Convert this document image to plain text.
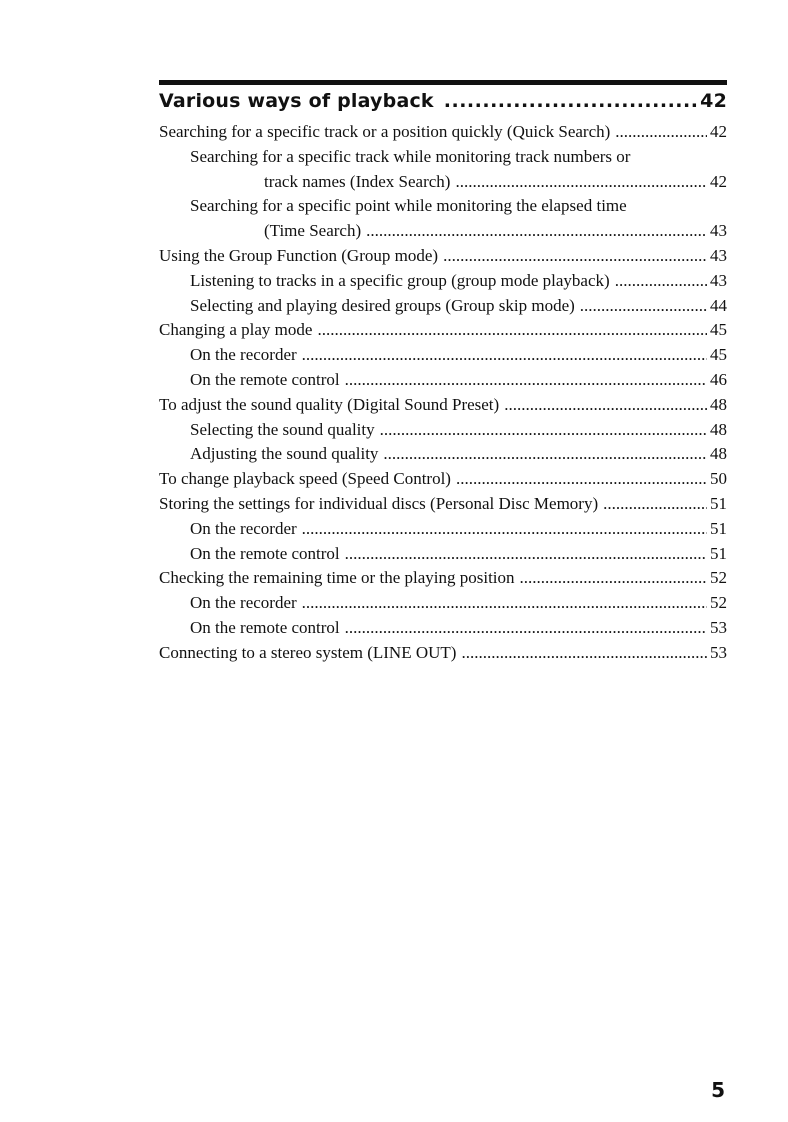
Various ways of playback .....	42
Searching for a specific track or a position quickly (Quick Search) .....	42
Searching for a specific track while monitoring track numbers or
track names (Index Search) .....	42
Searching for a specific point while monitoring the elapsed time
(Time Search) .....	43
Using the Group Function (Group mode) .....	43
Listening to tracks in a specific group (group mode playback) .....	43
Selecting and playing desired groups (Group skip mode) .....	44
Changing a play mode .....	45
On the recorder .....	45
On the remote control .....	46
To adjust the sound quality (Digital Sound Preset) .....	48
Selecting the sound quality .....	48
Adjusting the sound quality .....	48
To change playback speed (Speed Control) .....	50
Storing the settings for individual discs (Personal Disc Memory) .....	51
On the recorder .....	51
On the remote control .....	51
Checking the remaining time or the playing position .....	52
On the recorder .....	52
On the remote control .....	53
Connecting to a stereo system (LINE OUT) .....	53
5
